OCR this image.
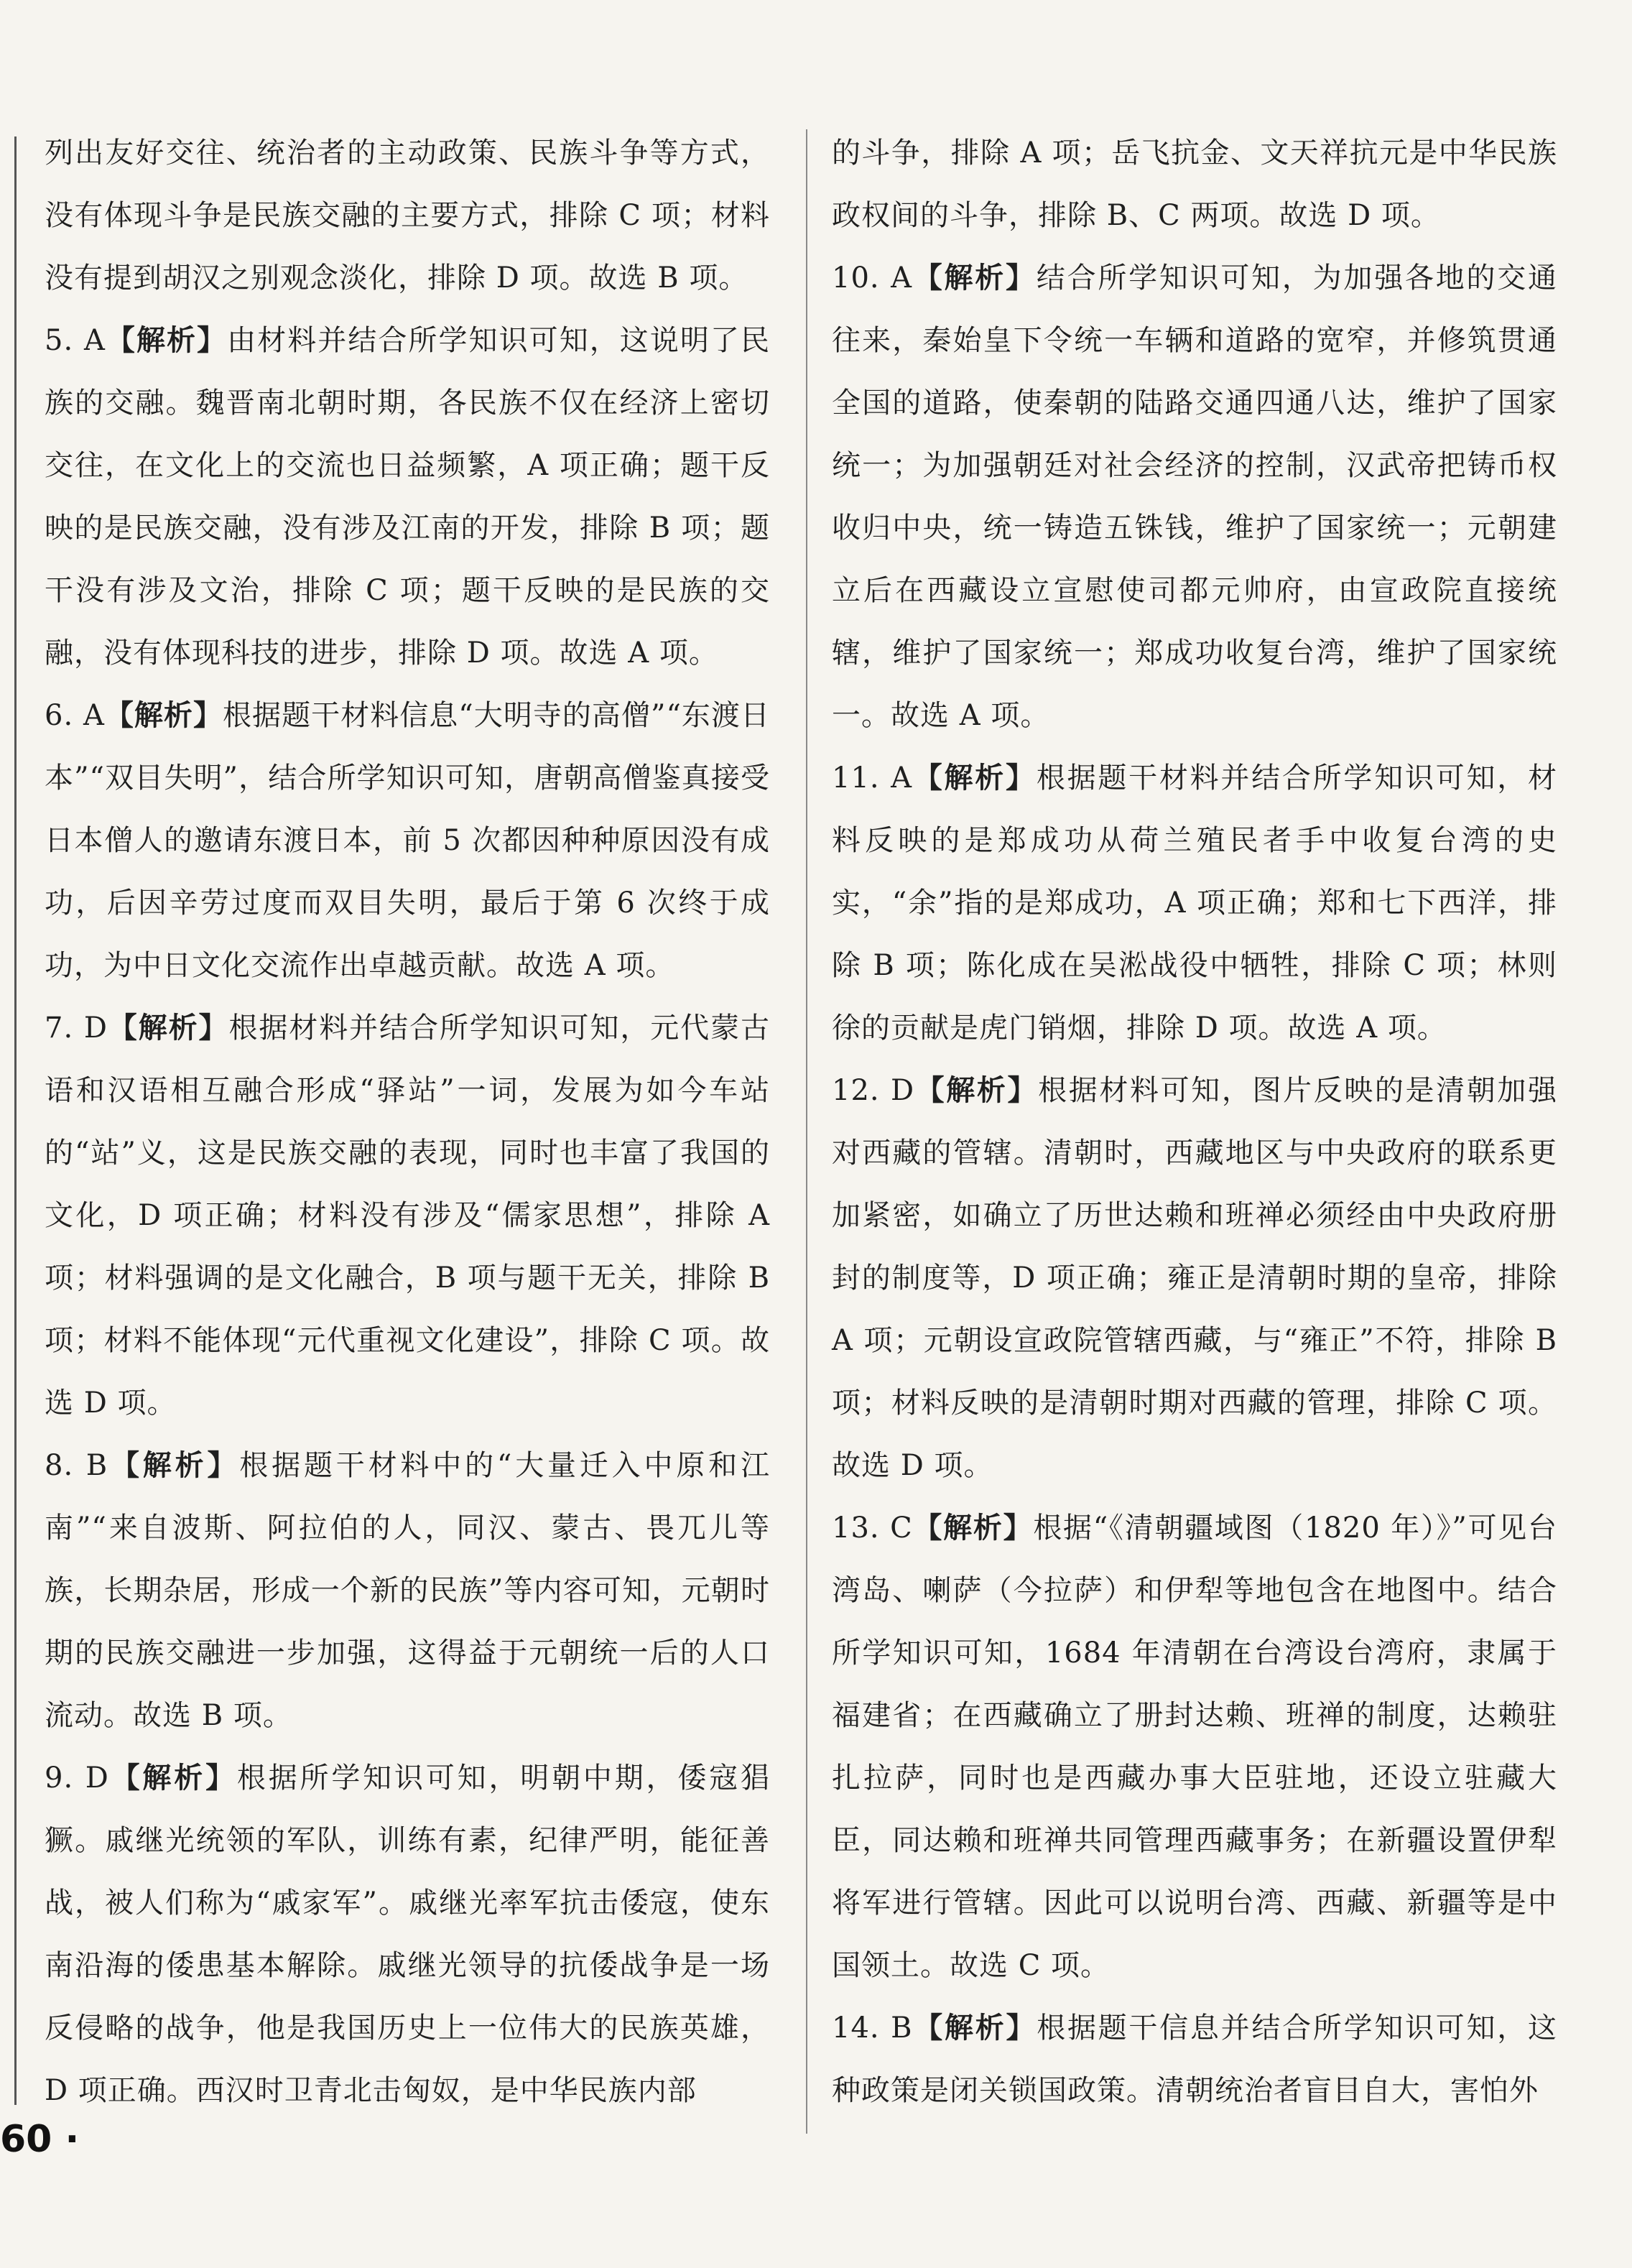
列出友好交往、统治者的主动政策、民族斗争等方式，没有体现斗争是民族交融的主要方式，排除 C 项；材料没有提到胡汉之别观念淡化，排除 D 项。故选 B 项。

5. A【解析】由材料并结合所学知识可知，这说明了民族的交融。魏晋南北朝时期，各民族不仅在经济上密切交往，在文化上的交流也日益频繁，A 项正确；题干反映的是民族交融，没有涉及江南的开发，排除 B 项；题干没有涉及文治，排除 C 项；题干反映的是民族的交融，没有体现科技的进步，排除 D 项。故选 A 项。

6. A【解析】根据题干材料信息“大明寺的高僧”“东渡日本”“双目失明”，结合所学知识可知，唐朝高僧鉴真接受日本僧人的邀请东渡日本，前 5 次都因种种原因没有成功，后因辛劳过度而双目失明，最后于第 6 次终于成功，为中日文化交流作出卓越贡献。故选 A 项。

7. D【解析】根据材料并结合所学知识可知，元代蒙古语和汉语相互融合形成“驿站”一词，发展为如今车站的“站”义，这是民族交融的表现，同时也丰富了我国的文化，D 项正确；材料没有涉及“儒家思想”，排除 A 项；材料强调的是文化融合，B 项与题干无关，排除 B 项；材料不能体现“元代重视文化建设”，排除 C 项。故选 D 项。

8. B【解析】根据题干材料中的“大量迁入中原和江南”“来自波斯、阿拉伯的人，同汉、蒙古、畏兀儿等族，长期杂居，形成一个新的民族”等内容可知，元朝时期的民族交融进一步加强，这得益于元朝统一后的人口流动。故选 B 项。

9. D【解析】根据所学知识可知，明朝中期，倭寇猖獗。戚继光统领的军队，训练有素，纪律严明，能征善战，被人们称为“戚家军”。戚继光率军抗击倭寇，使东南沿海的倭患基本解除。戚继光领导的抗倭战争是一场反侵略的战争，他是我国历史上一位伟大的民族英雄，D 项正确。西汉时卫青北击匈奴，是中华民族内部

的斗争，排除 A 项；岳飞抗金、文天祥抗元是中华民族政权间的斗争，排除 B、C 两项。故选 D 项。

10. A【解析】结合所学知识可知，为加强各地的交通往来，秦始皇下令统一车辆和道路的宽窄，并修筑贯通全国的道路，使秦朝的陆路交通四通八达，维护了国家统一；为加强朝廷对社会经济的控制，汉武帝把铸币权收归中央，统一铸造五铢钱，维护了国家统一；元朝建立后在西藏设立宣慰使司都元帅府，由宣政院直接统辖，维护了国家统一；郑成功收复台湾，维护了国家统一。故选 A 项。

11. A【解析】根据题干材料并结合所学知识可知，材料反映的是郑成功从荷兰殖民者手中收复台湾的史实，“余”指的是郑成功，A 项正确；郑和七下西洋，排除 B 项；陈化成在吴淞战役中牺牲，排除 C 项；林则徐的贡献是虎门销烟，排除 D 项。故选 A 项。

12. D【解析】根据材料可知，图片反映的是清朝加强对西藏的管辖。清朝时，西藏地区与中央政府的联系更加紧密，如确立了历世达赖和班禅必须经由中央政府册封的制度等，D 项正确；雍正是清朝时期的皇帝，排除 A 项；元朝设宣政院管辖西藏，与“雍正”不符，排除 B 项；材料反映的是清朝时期对西藏的管理，排除 C 项。故选 D 项。

13. C【解析】根据“《清朝疆域图（1820 年）》”可见台湾岛、喇萨（今拉萨）和伊犁等地包含在地图中。结合所学知识可知，1684 年清朝在台湾设台湾府，隶属于福建省；在西藏确立了册封达赖、班禅的制度，达赖驻扎拉萨，同时也是西藏办事大臣驻地，还设立驻藏大臣，同达赖和班禅共同管理西藏事务；在新疆设置伊犁将军进行管辖。因此可以说明台湾、西藏、新疆等是中国领土。故选 C 项。

14. B【解析】根据题干信息并结合所学知识可知，这种政策是闭关锁国政策。清朝统治者盲目自大，害怕外

60 ·
